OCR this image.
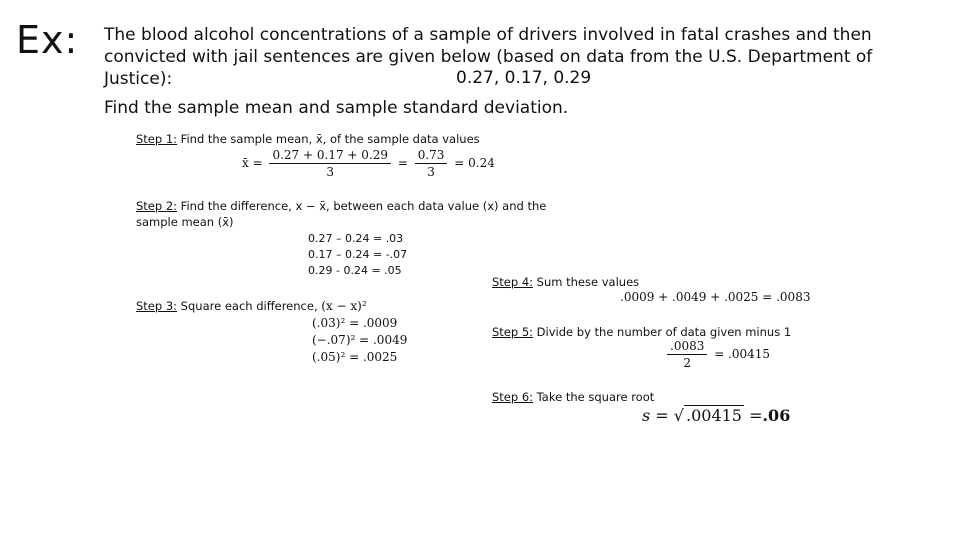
Ex: The blood alcohol concentrations of a sample of drivers involved in fatal crashes and then convicted with jail sentences are given below (based on data from the U.S. Department of Justice):	0.27, 0.17, 0.29
Find the sample mean and sample standard deviation.
Step 1: Find the sample mean, x̄, of the sample data values
x̄ = $\frac{0.27 + 0.17 + 0.29}{3} = \frac{0.73}{3} = 0.24$
Step 2: Find the difference, x − x̄, between each data value (x) and the sample mean (x̄)
0.27 – 0.24 = .03
0.17 – 0.24 = -.07
0.29 - 0.24 = .05
Step 3: Square each difference, (x − x)²
(.03)² = .0009
(−.07)² = .0049
(.05)² = .0025
Step 4: Sum these values
.0009 + .0049 + .0025 = .0083
Step 5: Divide by the number of data given minus 1
$\frac{.0083}{2} = .00415$
Step 6: Take the square root
s = √ .00415 =.06
